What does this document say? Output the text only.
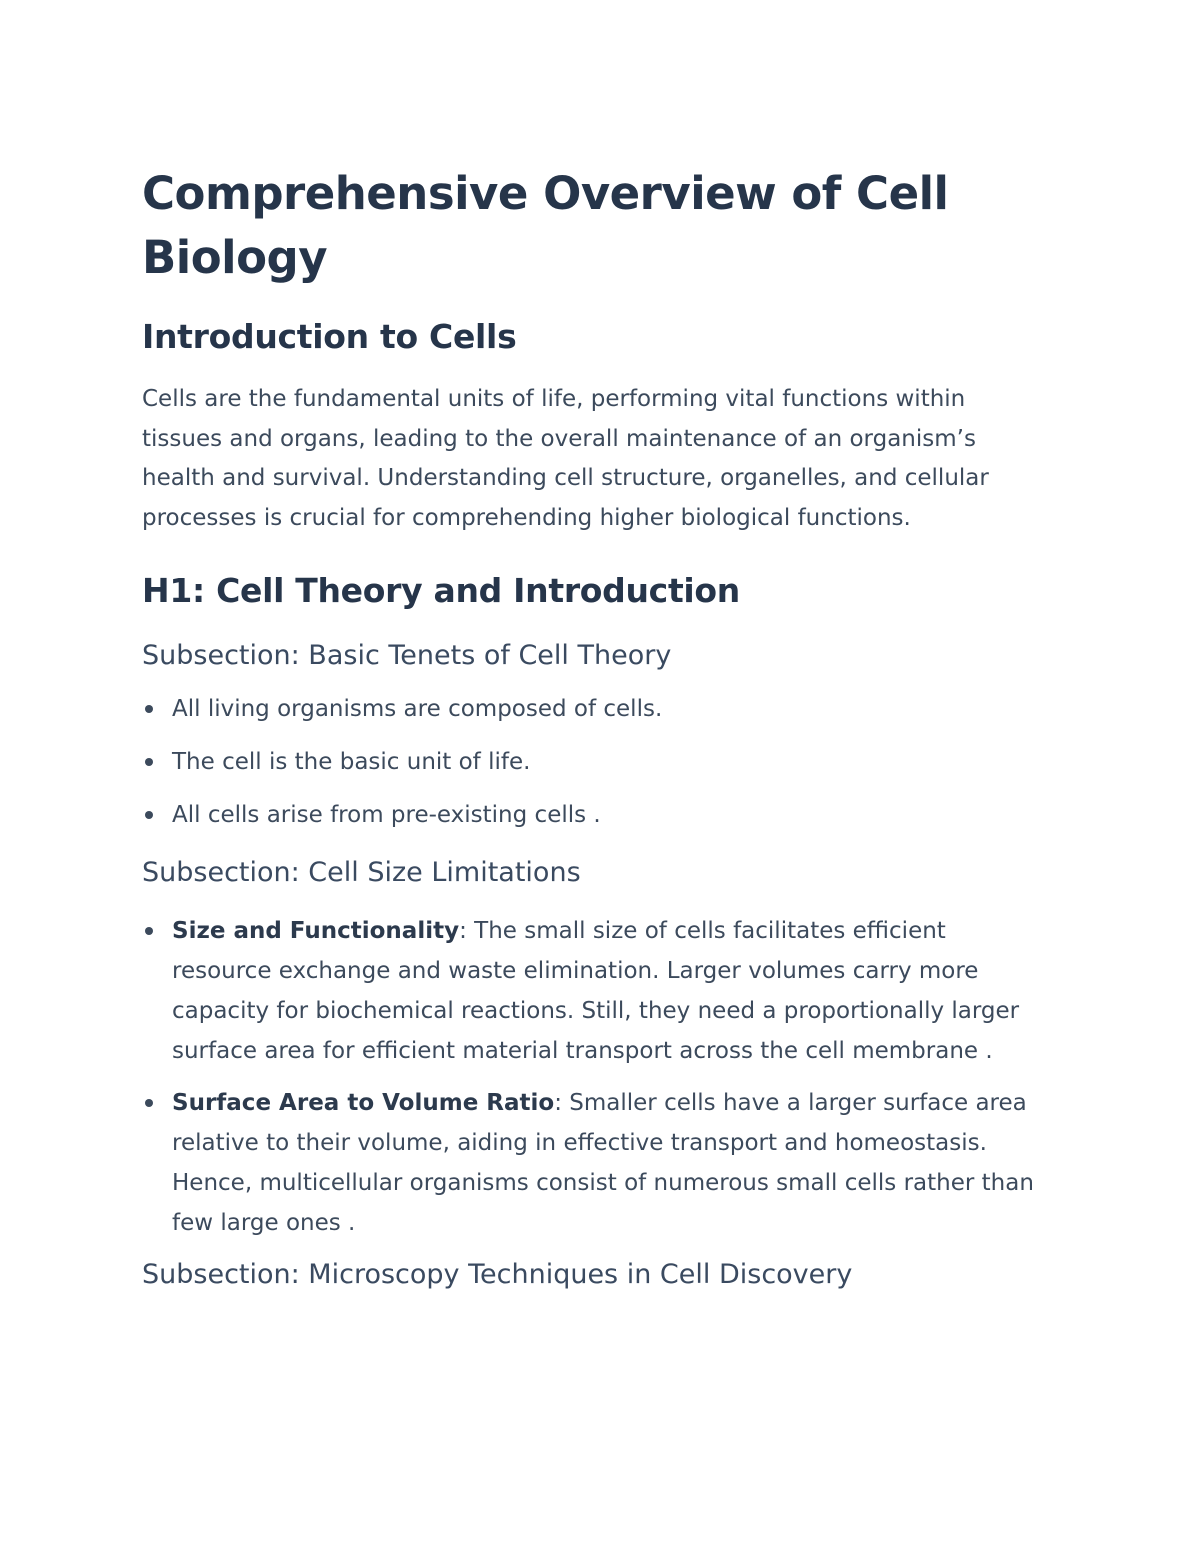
Comprehensive Overview of Cell Biology
Introduction to Cells

Cells are the fundamental units of life, performing vital functions within tissues and organs, leading to the overall maintenance of an organism’s health and survival. Understanding cell structure, organelles, and cellular processes is crucial for comprehending higher biological functions.

H1: Cell Theory and Introduction
Subsection: Basic Tenets of Cell Theory
All living organisms are composed of cells.
The cell is the basic unit of life.
All cells arise from pre-existing cells .
Subsection: Cell Size Limitations
Size and Functionality: The small size of cells facilitates efficient resource exchange and waste elimination. Larger volumes carry more capacity for biochemical reactions. Still, they need a proportionally larger surface area for efficient material transport across the cell membrane .
Surface Area to Volume Ratio: Smaller cells have a larger surface area relative to their volume, aiding in effective transport and homeostasis. Hence, multicellular organisms consist of numerous small cells rather than few large ones .
Subsection: Microscopy Techniques in Cell Discovery
